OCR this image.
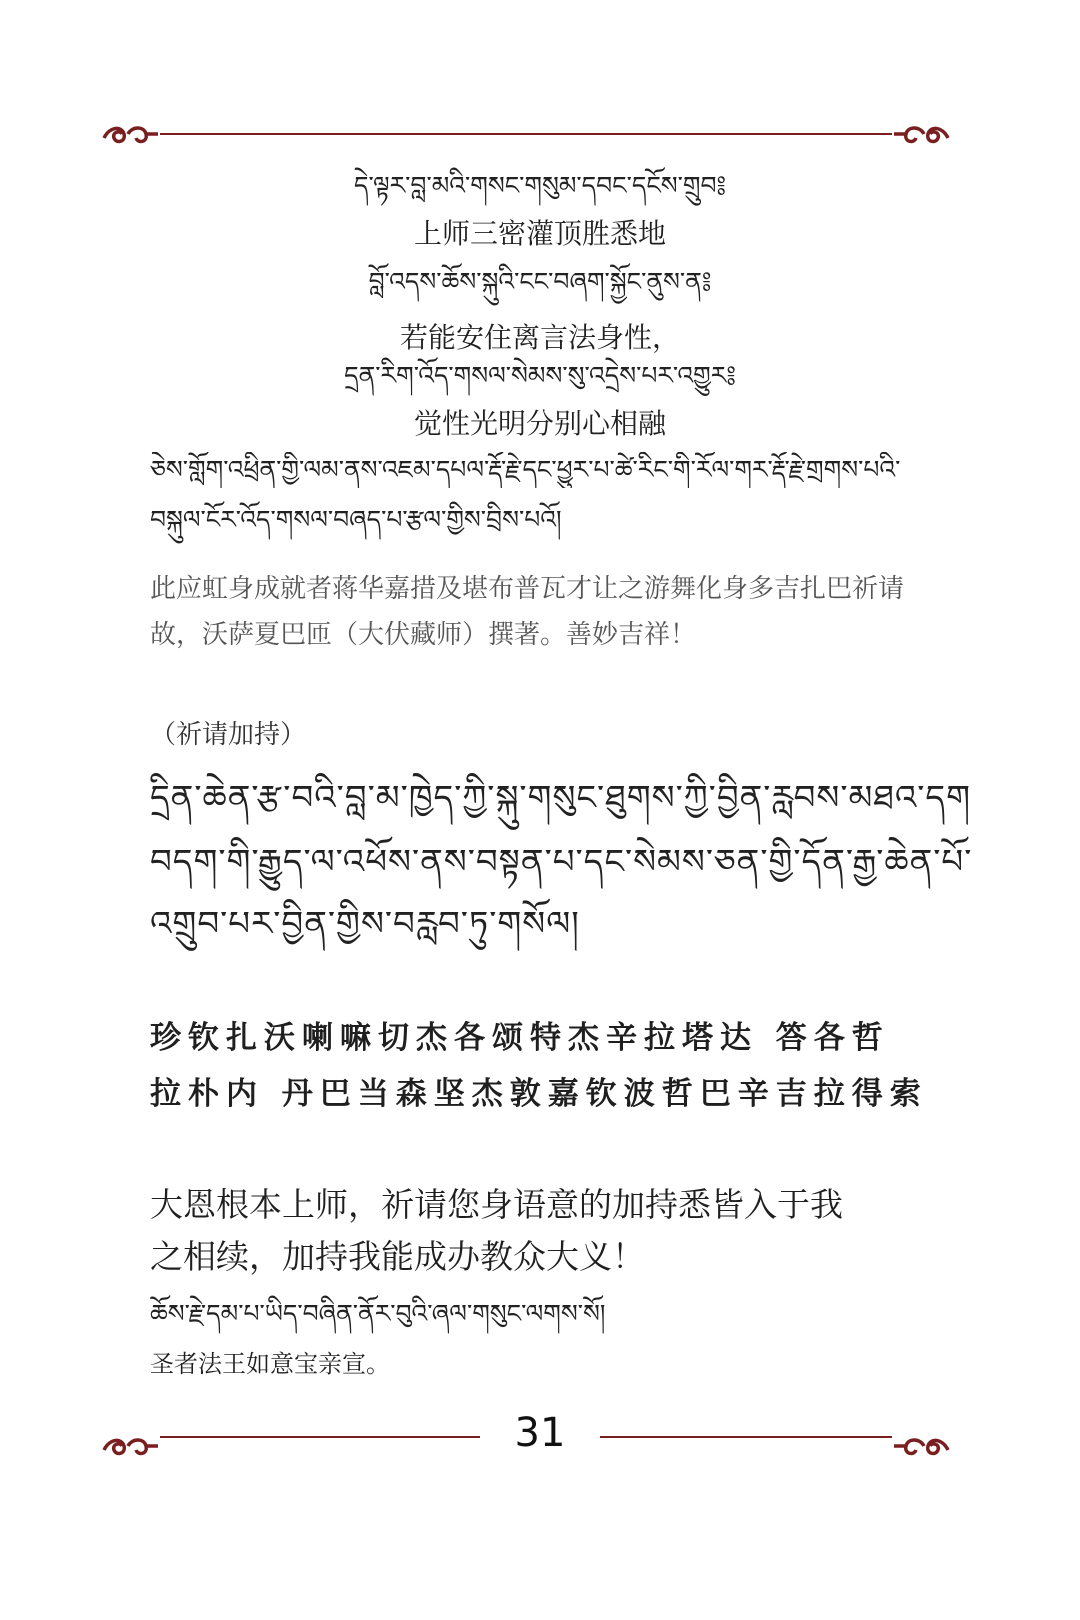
དེ་ལྟར་བླ་མའི་གསང་གསུམ་དབང་དངོས་གྲུབ༔
上师三密灌顶胜悉地
བློ་འདས་ཆོས་སྐུའི་ངང་བཞག་སྐྱོང་ནུས་ན༔
若能安住离言法身性，
དྲན་རིག་འོད་གསལ་སེམས་སུ་འདྲེས་པར་འགྱུར༔
觉性光明分别心相融
ཅེས་གློག་འཕྲིན་གྱི་ལམ་ནས་འཇམ་དཔལ་རྡོ་རྗེ་དང་ཕྱུར་པ་ཚེ་རིང་གི་རོལ་གར་རྡོ་རྗེ་གྲགས་པའི་
བསྐུལ་ངོར་འོད་གསལ་བཞད་པ་རྩལ་གྱིས་བྲིས་པའོ།
此应虹身成就者蒋华嘉措及堪布普瓦才让之游舞化身多吉扎巴祈请故，沃萨夏巴匝（大伏藏师）撰著。善妙吉祥！
（祈请加持）
དྲིན་ཆེན་རྩ་བའི་བླ་མ་ཁྱེད་ཀྱི་སྐུ་གསུང་ཐུགས་ཀྱི་བྱིན་རླབས་མཐའ་དག
བདག་གི་རྒྱུད་ལ་འཕོས་ནས་བསྟན་པ་དང་སེམས་ཅན་གྱི་དོན་རྒྱ་ཆེན་པོ་
འགྲུབ་པར་བྱིན་གྱིས་བརླབ་ཏུ་གསོལ།
珍钦扎沃喇嘛切杰各颂特杰辛拉塔达 答各哲
拉朴内 丹巴当森坚杰敦嘉钦波哲巴辛吉拉得索
大恩根本上师，祈请您身语意的加持悉皆入于我
之相续，加持我能成办教众大义！
ཆོས་རྗེ་དམ་པ་ཡིད་བཞིན་ནོར་བུའི་ཞལ་གསུང་ལགས་སོ།
圣者法王如意宝亲宣。
31
